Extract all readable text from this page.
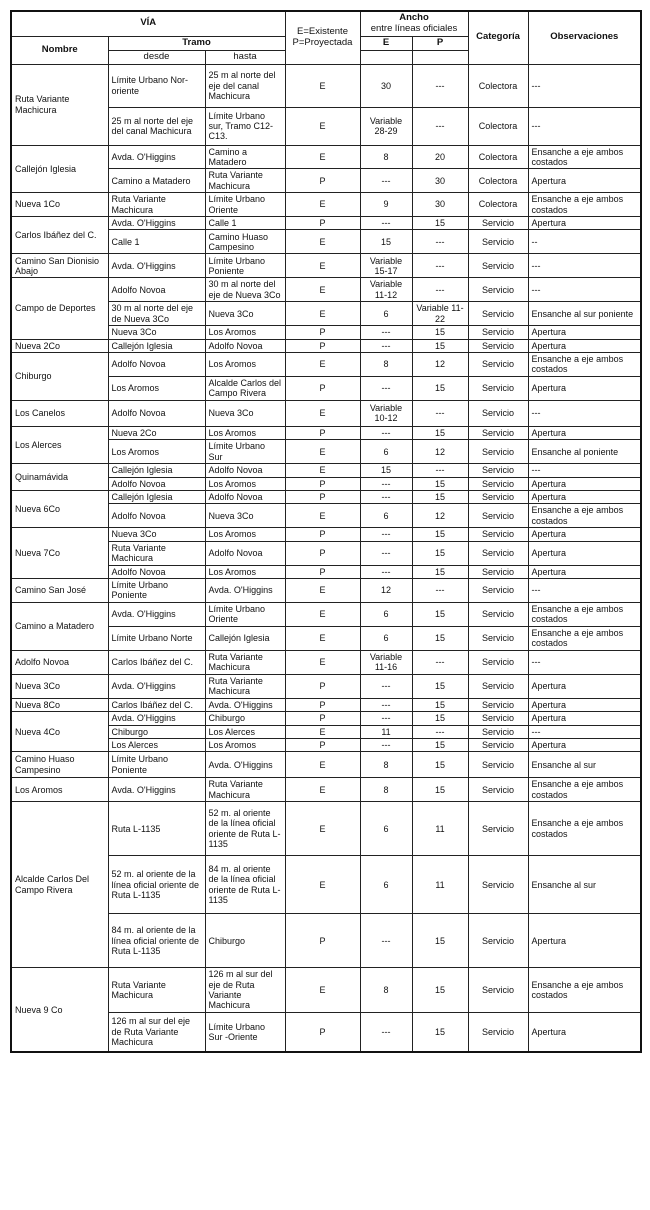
VÍA			E=Existente
P=Proyectada	Ancho
entre líneas oficiales		Categoría	Observaciones
Nombre	Tramo			E	P		
	desde	hasta					
Ruta Variante Machicura	Límite Urbano Nor-oriente	25 m al norte del eje del canal Machicura	E	30	---	Colectora	---
	25 m al norte del eje del canal Machicura	Límite Urbano sur, Tramo C12-C13.	E	Variable 28-29	---	Colectora	---
Callejón Iglesia	Avda. O'Higgins	Camino a Matadero	E	8	20	Colectora	Ensanche a eje ambos costados
	Camino a Matadero	Ruta Variante Machicura	P	---	30	Colectora	Apertura
Nueva 1Co	Ruta Variante Machicura	Límite Urbano Oriente	E	9	30	Colectora	Ensanche a eje ambos costados
Carlos Ibáñez del C.	Avda. O'Higgins	Calle 1	P	---	15	Servicio	Apertura
	Calle 1	Camino Huaso Campesino	E	15	---	Servicio	--
Camino San Dionisio Abajo	Avda. O'Higgins	Límite Urbano Poniente	E	Variable 15-17	---	Servicio	---
Campo de Deportes	Adolfo Novoa	30 m al norte del eje de Nueva 3Co	E	Variable 11-12	---	Servicio	---
	30 m al norte del eje de Nueva 3Co	Nueva 3Co	E	6	Variable 11-22	Servicio	Ensanche al sur poniente
	Nueva 3Co	Los Aromos	P	---	15	Servicio	Apertura
Nueva 2Co	Callejón Iglesia	Adolfo Novoa	P	---	15	Servicio	Apertura
Chiburgo	Adolfo Novoa	Los Aromos	E	8	12	Servicio	Ensanche a eje ambos costados
	Los Aromos	Alcalde Carlos del Campo Rivera	P	---	15	Servicio	Apertura
Los Canelos	Adolfo Novoa	Nueva 3Co	E	Variable 10-12	---	Servicio	---
Los Alerces	Nueva 2Co	Los Aromos	P	---	15	Servicio	Apertura
	Los Aromos	Límite Urbano Sur	E	6	12	Servicio	Ensanche al poniente
Quinamávida	Callejón Iglesia	Adolfo Novoa	E	15	---	Servicio	---
	Adolfo Novoa	Los Aromos	P	---	15	Servicio	Apertura
Nueva 6Co	Callejón Iglesia	Adolfo Novoa	P	---	15	Servicio	Apertura
	Adolfo Novoa	Nueva 3Co	E	6	12	Servicio	Ensanche a eje ambos costados
Nueva 7Co	Nueva 3Co	Los Aromos	P	---	15	Servicio	Apertura
	Ruta Variante Machicura	Adolfo Novoa	P	---	15	Servicio	Apertura
	Adolfo Novoa	Los Aromos	P	---	15	Servicio	Apertura
Camino San José	Límite Urbano Poniente	Avda. O'Higgins	E	12	---	Servicio	---
Camino a Matadero	Avda. O'Higgins	Límite Urbano Oriente	E	6	15	Servicio	Ensanche a eje ambos costados
	Límite Urbano Norte	Callejón Iglesia	E	6	15	Servicio	Ensanche a eje ambos costados
Adolfo Novoa	Carlos Ibáñez del C.	Ruta Variante Machicura	E	Variable 11-16	---	Servicio	---
Nueva 3Co	Avda. O'Higgins	Ruta Variante Machicura	P	---	15	Servicio	Apertura
Nueva 8Co	Carlos Ibáñez del C.	Avda. O'Higgins	P	---	15	Servicio	Apertura
Nueva 4Co	Avda. O'Higgins	Chiburgo	P	---	15	Servicio	Apertura
	Chiburgo	Los Alerces	E	11	---	Servicio	---
	Los Alerces	Los Aromos	P	---	15	Servicio	Apertura
Camino Huaso Campesino	Límite Urbano Poniente	Avda. O'Higgins	E	8	15	Servicio	Ensanche al sur
Los Aromos	Avda. O'Higgins	Ruta Variante Machicura	E	8	15	Servicio	Ensanche a eje ambos costados
Alcalde Carlos Del Campo Rivera	Ruta L-1135	52 m. al oriente de la línea oficial oriente de Ruta L-1135	E	6	11	Servicio	Ensanche a eje ambos costados
	52 m. al oriente de la línea oficial oriente de Ruta L-1135	84 m. al oriente de la línea oficial oriente de Ruta L-1135	E	6	11	Servicio	Ensanche al sur
	84 m. al oriente de la línea oficial oriente de Ruta L-1135	Chiburgo	P	---	15	Servicio	Apertura
Nueva 9 Co	Ruta Variante Machicura	126 m al sur del eje de Ruta Variante Machicura	E	8	15	Servicio	Ensanche a eje ambos costados
	126 m al sur del eje de Ruta Variante Machicura	Límite Urbano Sur -Oriente	P	---	15	Servicio	Apertura
